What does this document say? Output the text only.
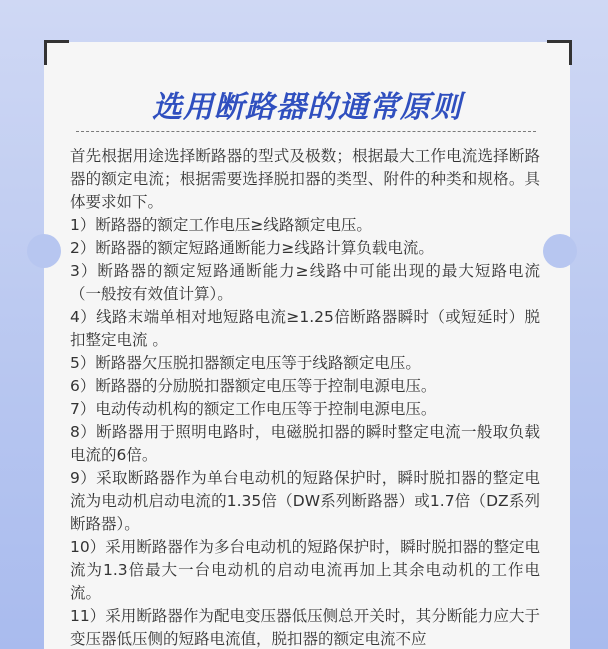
选用断路器的通常原则

首先根据用途选择断路器的型式及极数；根据最大工作电流选择断路器的额定电流；根据需要选择脱扣器的类型、附件的种类和规格。具体要求如下。

1）断路器的额定工作电压≥线路额定电压。

2）断路器的额定短路通断能力≥线路计算负载电流。

3）断路器的额定短路通断能力≥线路中可能出现的最大短路电流（一般按有效值计算）。

4）线路末端单相对地短路电流≥1.25倍断路器瞬时（或短延时）脱扣整定电流 。

5）断路器欠压脱扣器额定电压等于线路额定电压。

6）断路器的分励脱扣器额定电压等于控制电源电压。

7）电动传动机构的额定工作电压等于控制电源电压。

8）断路器用于照明电路时，电磁脱扣器的瞬时整定电流一般取负载电流的6倍。

9）采取断路器作为单台电动机的短路保护时，瞬时脱扣器的整定电流为电动机启动电流的1.35倍（DW系列断路器）或1.7倍（DZ系列断路器）。

10）采用断路器作为多台电动机的短路保护时，瞬时脱扣器的整定电流为1.3倍最大一台电动机的启动电流再加上其余电动机的工作电流。

11）采用断路器作为配电变压器低压侧总开关时，其分断能力应大于变压器低压侧的短路电流值，脱扣器的额定电流不应
